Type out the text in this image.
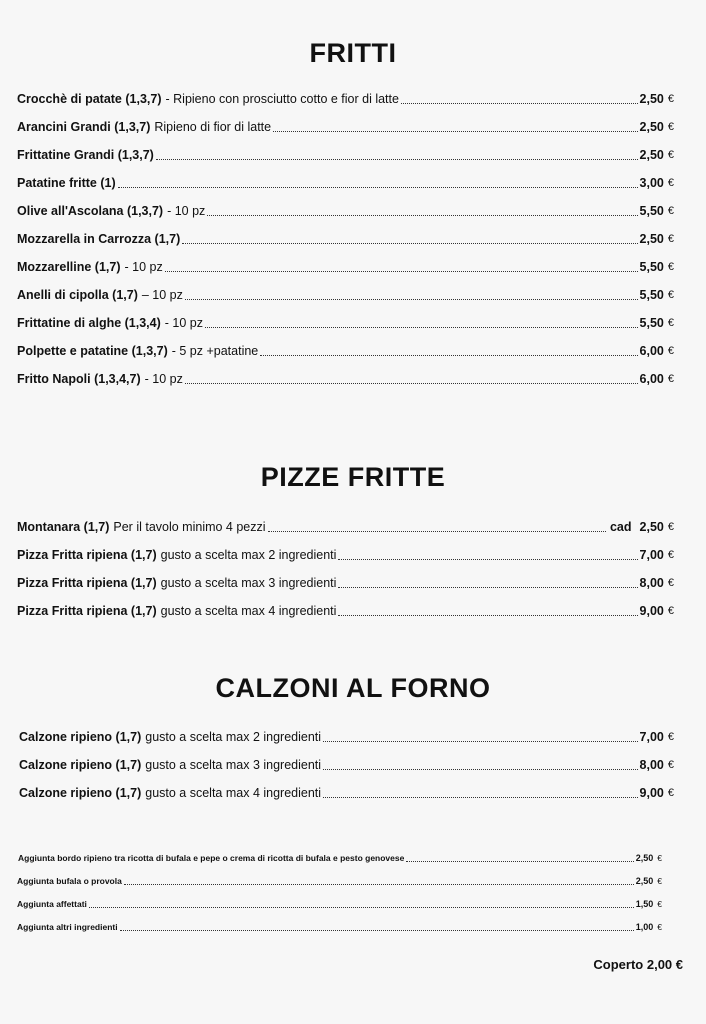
FRITTI
Crocchè di patate (1,3,7) - Ripieno con prosciutto cotto e fior di latte	2,50 €
Arancini Grandi (1,3,7) Ripieno di fior di latte	2,50 €
Frittatine Grandi (1,3,7)	2,50 €
Patatine fritte (1)	3,00 €
Olive all'Ascolana (1,3,7) - 10 pz	5,50 €
Mozzarella in Carrozza (1,7)	2,50 €
Mozzarelline (1,7) - 10 pz	5,50 €
Anelli di cipolla (1,7) – 10 pz	5,50 €
Frittatine di alghe (1,3,4) - 10 pz	5,50 €
Polpette e patatine (1,3,7) - 5 pz +patatine	6,00 €
Fritto Napoli (1,3,4,7) - 10 pz	6,00 €
PIZZE FRITTE
Montanara (1,7) Per il tavolo minimo 4 pezzi	cad 2,50 €
Pizza Fritta ripiena (1,7) gusto a scelta max 2 ingredienti	7,00 €
Pizza Fritta ripiena (1,7) gusto a scelta max 3 ingredienti	8,00 €
Pizza Fritta ripiena (1,7) gusto a scelta max 4 ingredienti	9,00 €
CALZONI AL FORNO
Calzone ripieno (1,7) gusto a scelta max 2 ingredienti	7,00 €
Calzone ripieno (1,7) gusto a scelta max 3 ingredienti	8,00 €
Calzone ripieno (1,7) gusto a scelta max 4 ingredienti	9,00 €
Aggiunta bordo ripieno tra ricotta di bufala e pepe o crema di ricotta di bufala e pesto genovese	2,50 €
Aggiunta bufala o provola	2,50 €
Aggiunta affettati	1,50 €
Aggiunta altri ingredienti	1,00 €
Coperto 2,00 €
